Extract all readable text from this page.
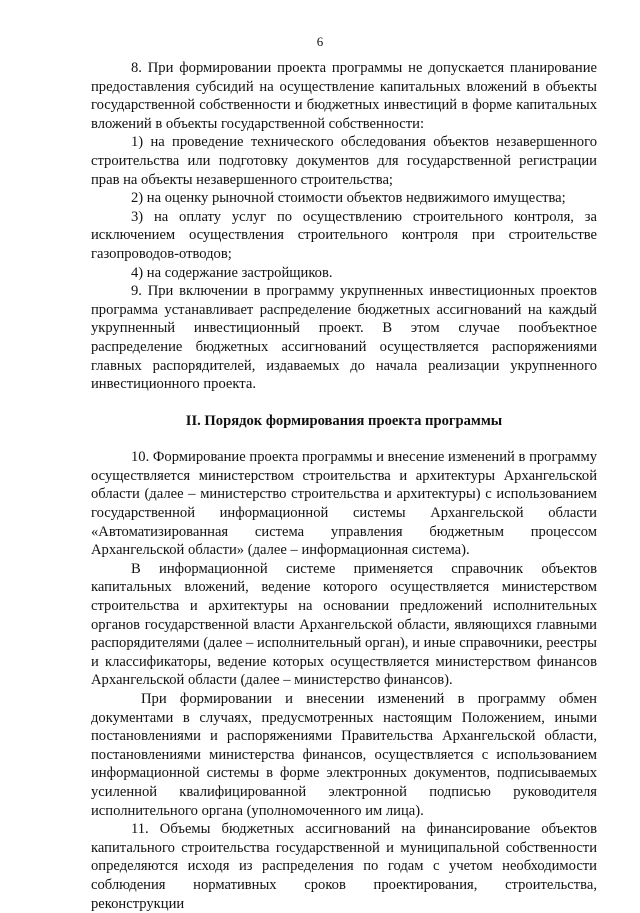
6

8. При формировании проекта программы не допускается планирование предоставления субсидий на осуществление капитальных вложений в объекты государственной собственности и бюджетных инвестиций в форме капитальных вложений в объекты государственной собственности:

1) на проведение технического обследования объектов незавершенного строительства или подготовку документов для государственной регистрации прав на объекты незавершенного строительства;

2) на оценку рыночной стоимости объектов недвижимого имущества;

3) на оплату услуг по осуществлению строительного контроля, за исключением осуществления строительного контроля при строительстве газопроводов-отводов;

4) на содержание застройщиков.

9. При включении в программу укрупненных инвестиционных проектов программа устанавливает распределение бюджетных ассигнований на каждый укрупненный инвестиционный проект. В этом случае пообъектное распределение бюджетных ассигнований осуществляется распоряжениями главных распорядителей, издаваемых до начала реализации укрупненного инвестиционного проекта.

II. Порядок формирования проекта программы

10. Формирование проекта программы и внесение изменений в программу осуществляется министерством строительства и архитектуры Архангельской области (далее – министерство строительства и архитектуры) с использованием государственной информационной системы Архангельской области «Автоматизированная система управления бюджетным процессом Архангельской области» (далее – информационная система).

В информационной системе применяется справочник объектов капитальных вложений, ведение которого осуществляется министерством строительства и архитектуры на основании предложений исполнительных органов государственной власти Архангельской области, являющихся главными распорядителями (далее – исполнительный орган), и иные справочники, реестры и классификаторы, ведение которых осуществляется министерством финансов Архангельской области (далее – министерство финансов).

При формировании и внесении изменений в программу обмен документами в случаях, предусмотренных настоящим Положением, иными постановлениями и распоряжениями Правительства Архангельской области, постановлениями министерства финансов, осуществляется с использованием информационной системы в форме электронных документов, подписываемых усиленной квалифицированной электронной подписью руководителя исполнительного органа (уполномоченного им лица).

11. Объемы бюджетных ассигнований на финансирование объектов капитального строительства государственной и муниципальной собственности определяются исходя из распределения по годам с учетом необходимости соблюдения нормативных сроков проектирования, строительства, реконструкции
